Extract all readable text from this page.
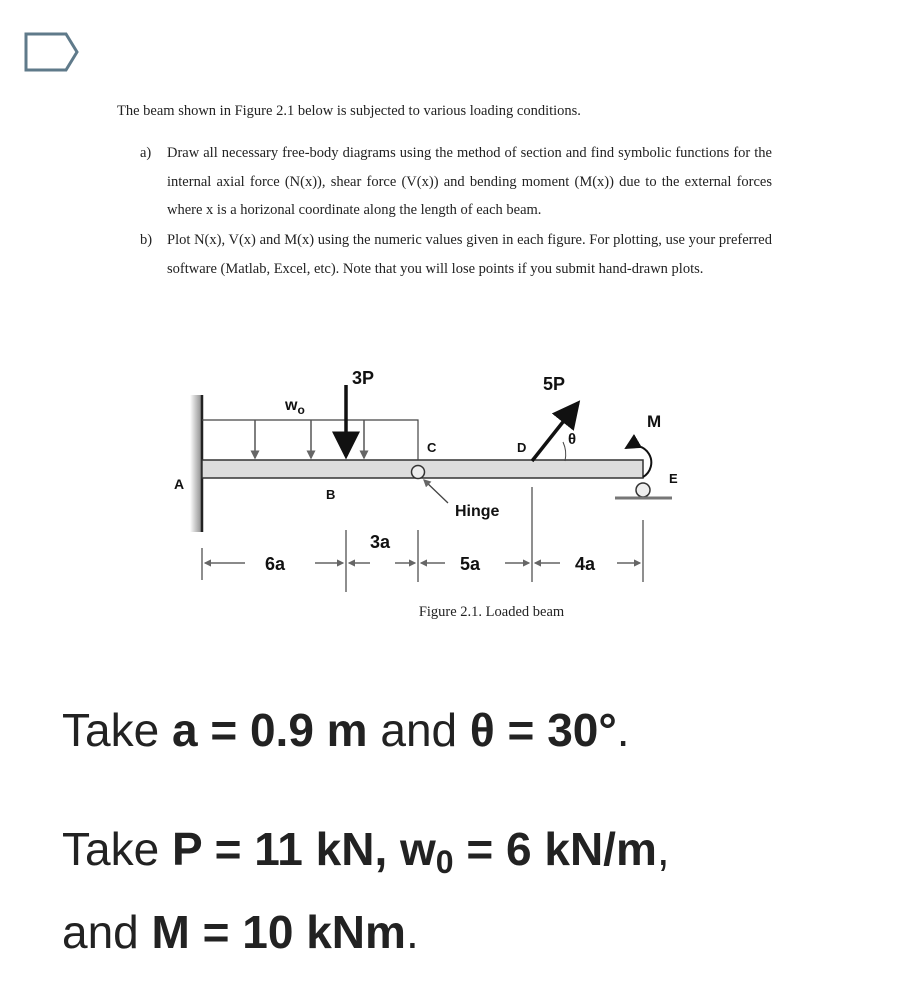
The beam shown in Figure 2.1 below is subjected to various loading conditions.
a) Draw all necessary free-body diagrams using the method of section and find symbolic functions for the internal axial force (N(x)), shear force (V(x)) and bending moment (M(x)) due to the external forces where x is a horizonal coordinate along the length of each beam.
b) Plot N(x), V(x) and M(x) using the numeric values given in each figure. For plotting, use your preferred software (Matlab, Excel, etc). Note that you will lose points if you submit hand-drawn plots.
A
B
C	D
E
$w_o$
3P	5P
θ
M
Hinge
6a
3a
5a	4a
Figure 2.1. Loaded beam
Take a = 0.9 m and θ = 30°.
Take P = 11 kN, $w_0 = 6$ kN/m,
and M = 10 kNm.
